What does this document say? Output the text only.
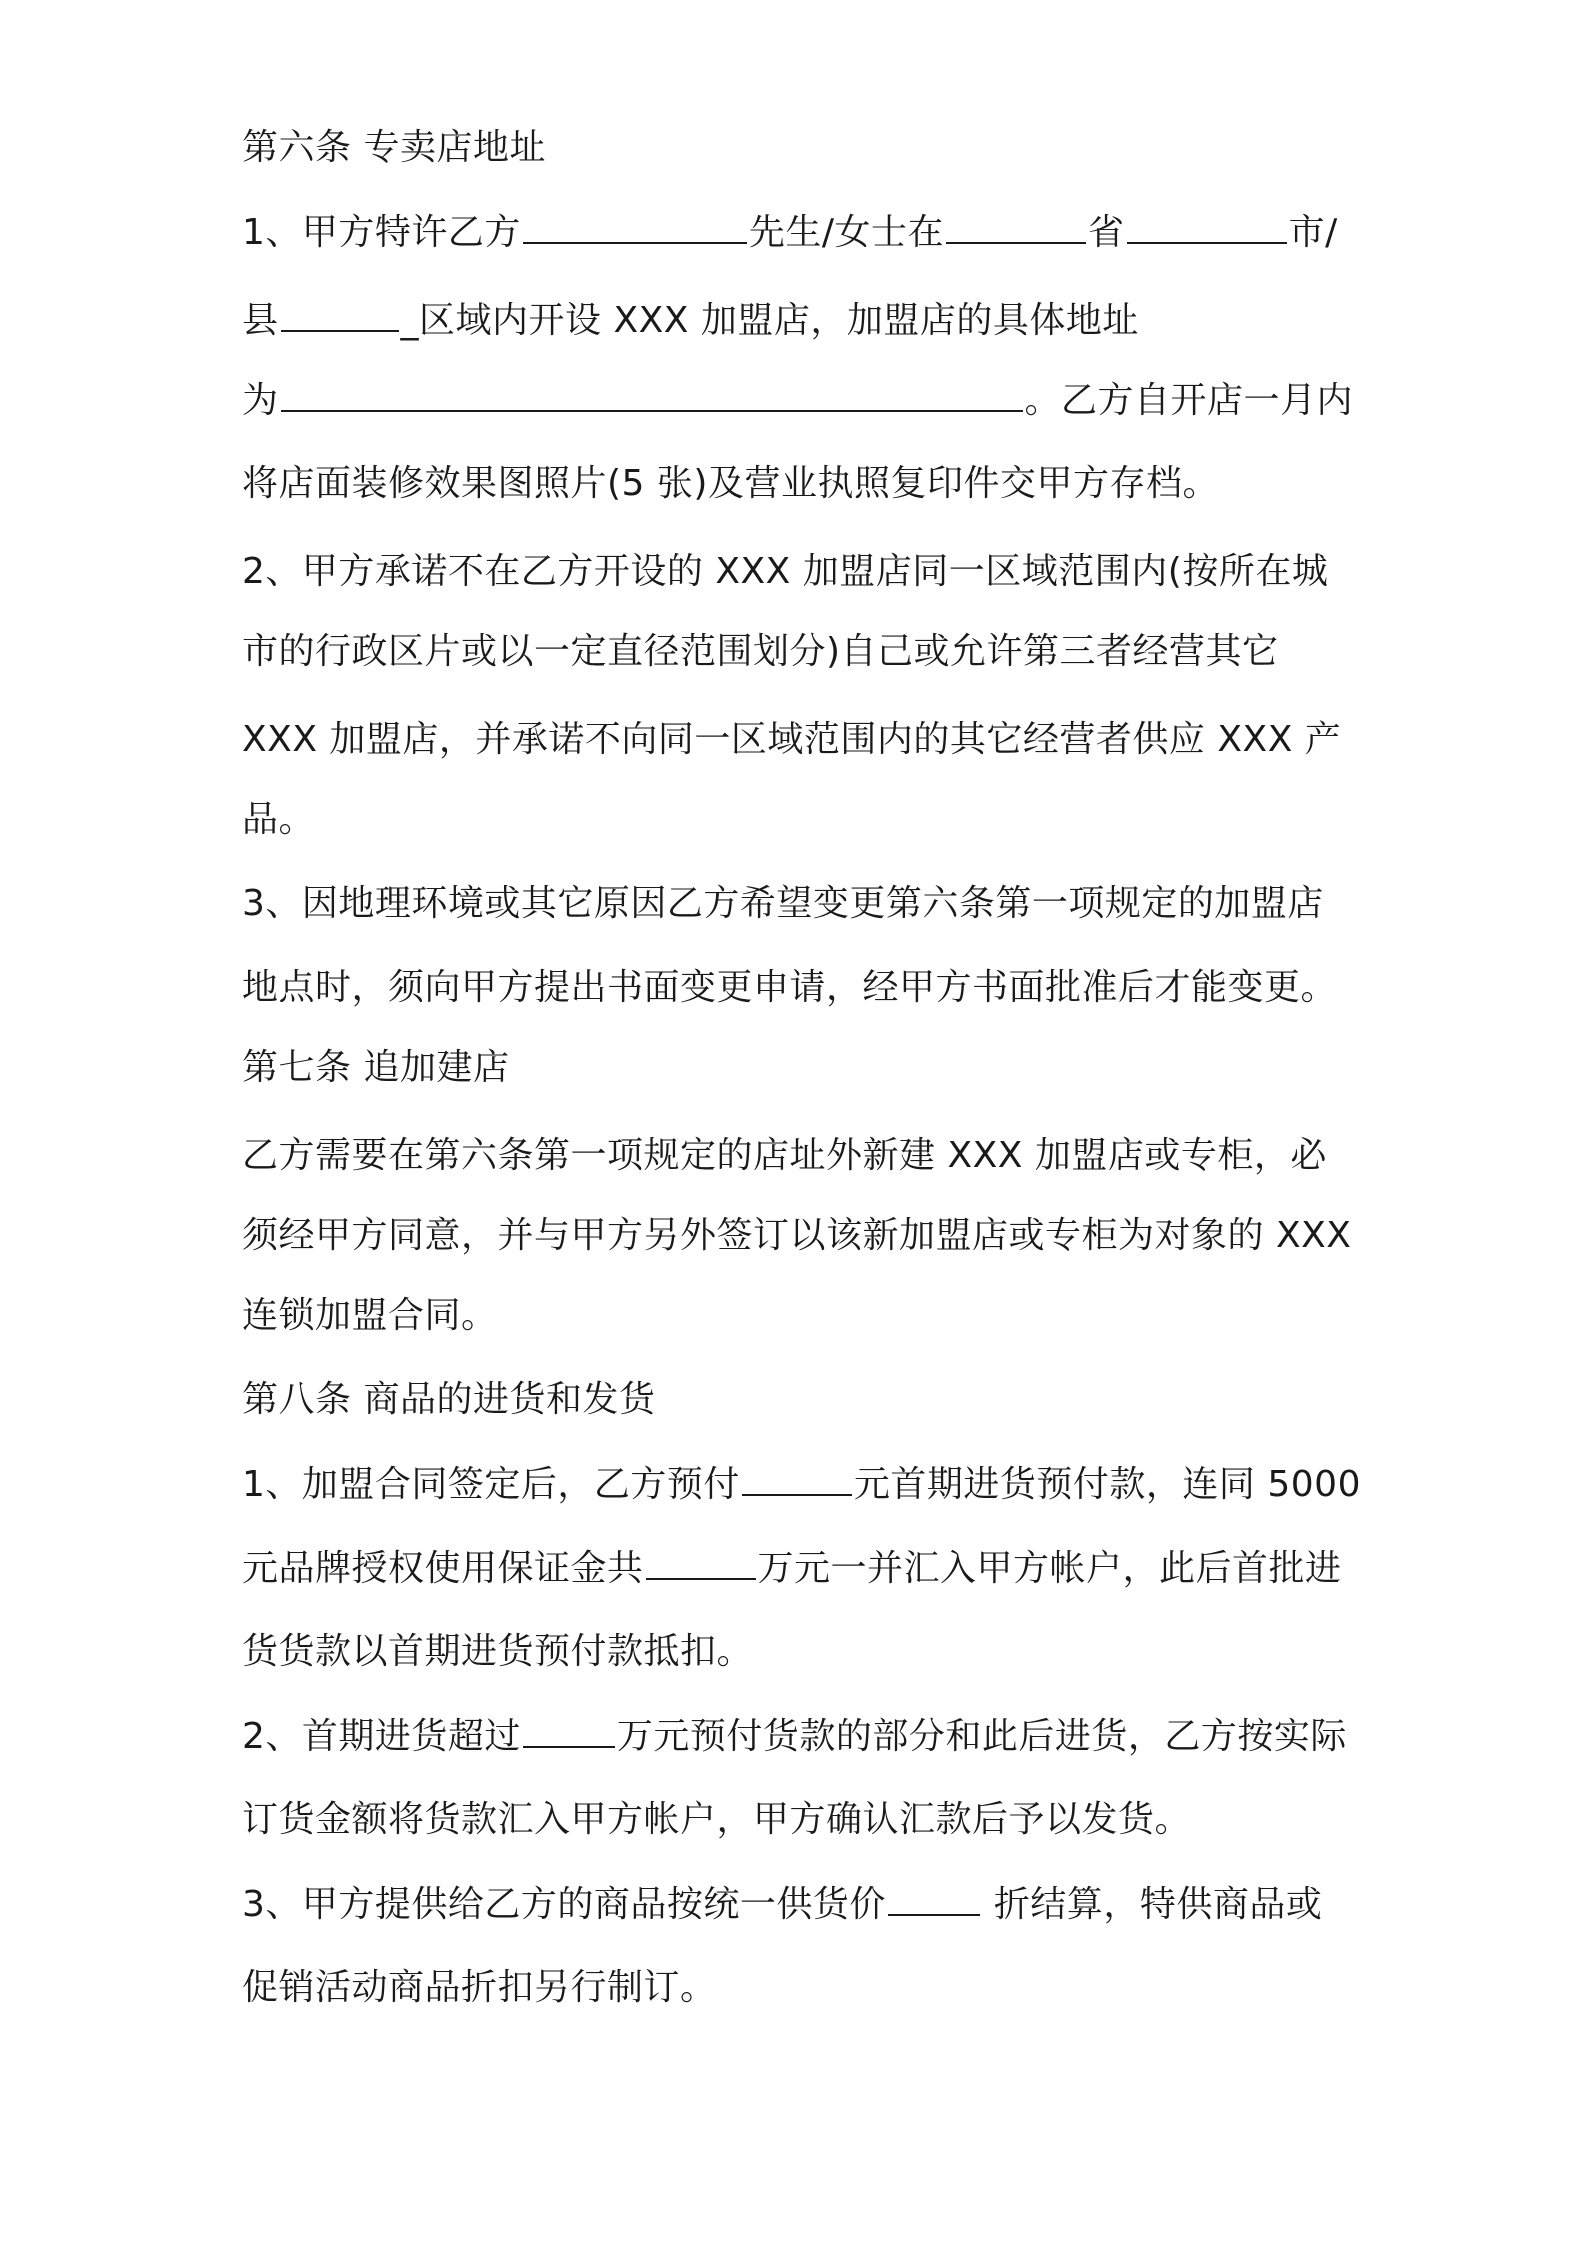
第六条 专卖店地址
1、甲方特许乙方	先生/女士在	省	市/
县	_区域内开设 XXX 加盟店，加盟店的具体地址
为	。乙方自开店一月内
将店面装修效果图照片(5 张)及营业执照复印件交甲方存档。
2、甲方承诺不在乙方开设的 XXX 加盟店同一区域范围内(按所在城
市的行政区片或以一定直径范围划分)自己或允许第三者经营其它
XXX 加盟店，并承诺不向同一区域范围内的其它经营者供应 XXX 产
品。
3、因地理环境或其它原因乙方希望变更第六条第一项规定的加盟店
地点时，须向甲方提出书面变更申请，经甲方书面批准后才能变更。
第七条 追加建店
乙方需要在第六条第一项规定的店址外新建 XXX 加盟店或专柜，必
须经甲方同意，并与甲方另外签订以该新加盟店或专柜为对象的 XXX
连锁加盟合同。
第八条 商品的进货和发货
1、加盟合同签定后，乙方预付	元首期进货预付款，连同 5000
元品牌授权使用保证金共	万元一并汇入甲方帐户，此后首批进
货货款以首期进货预付款抵扣。
2、首期进货超过	万元预付货款的部分和此后进货，乙方按实际
订货金额将货款汇入甲方帐户，甲方确认汇款后予以发货。
3、甲方提供给乙方的商品按统一供货价	折结算，特供商品或
促销活动商品折扣另行制订。
